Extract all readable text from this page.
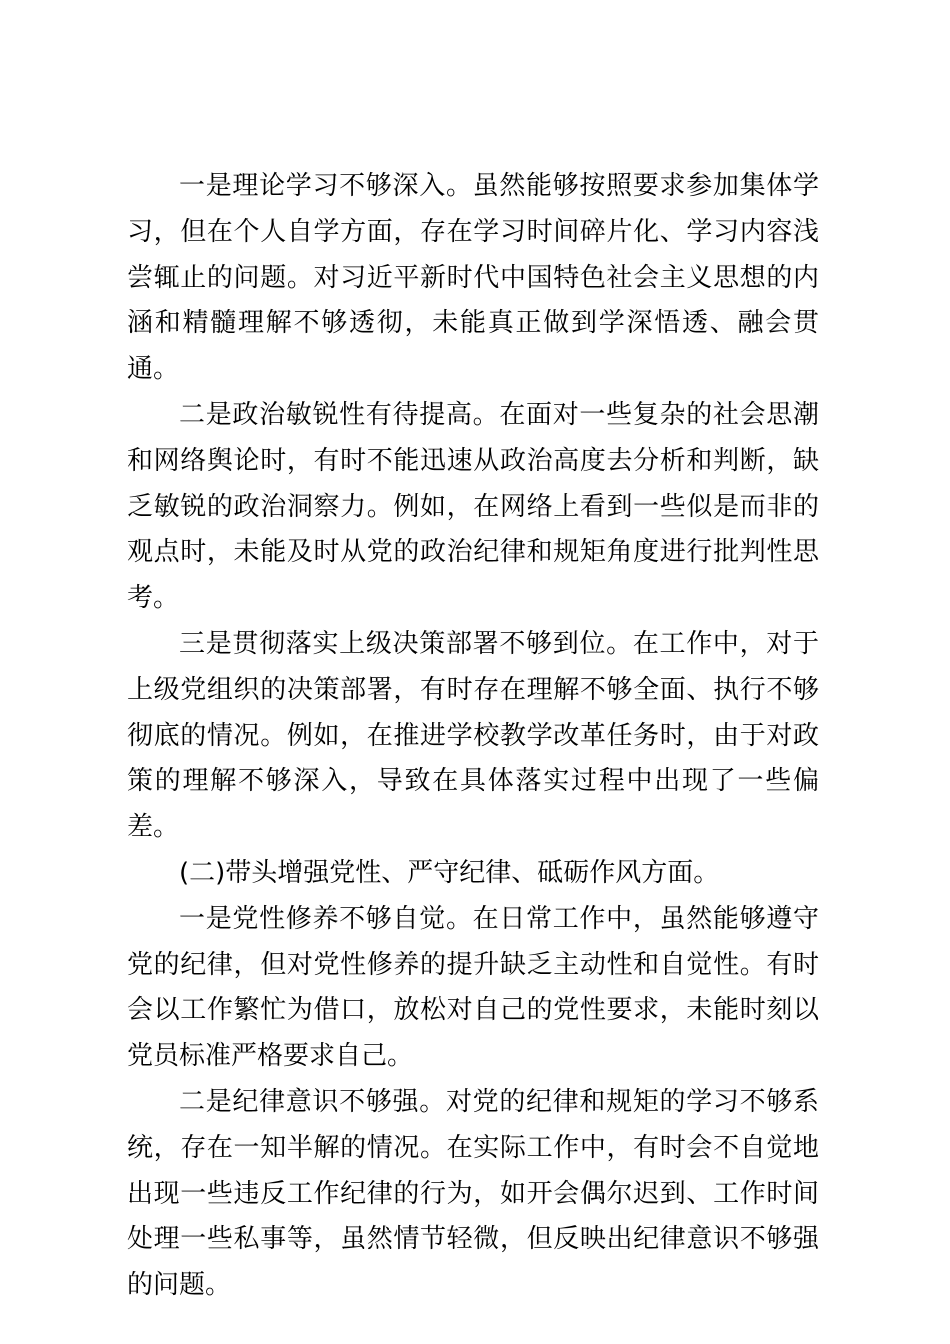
一是理论学习不够深入。虽然能够按照要求参加集体学习，但在个人自学方面，存在学习时间碎片化、学习内容浅尝辄止的问题。对习近平新时代中国特色社会主义思想的内涵和精髓理解不够透彻，未能真正做到学深悟透、融会贯通。

二是政治敏锐性有待提高。在面对一些复杂的社会思潮和网络舆论时，有时不能迅速从政治高度去分析和判断，缺乏敏锐的政治洞察力。例如，在网络上看到一些似是而非的观点时，未能及时从党的政治纪律和规矩角度进行批判性思考。

三是贯彻落实上级决策部署不够到位。在工作中，对于上级党组织的决策部署，有时存在理解不够全面、执行不够彻底的情况。例如，在推进学校教学改革任务时，由于对政策的理解不够深入，导致在具体落实过程中出现了一些偏差。

(二)带头增强党性、严守纪律、砥砺作风方面。

一是党性修养不够自觉。在日常工作中，虽然能够遵守党的纪律，但对党性修养的提升缺乏主动性和自觉性。有时会以工作繁忙为借口，放松对自己的党性要求，未能时刻以党员标准严格要求自己。

二是纪律意识不够强。对党的纪律和规矩的学习不够系统，存在一知半解的情况。在实际工作中，有时会不自觉地出现一些违反工作纪律的行为，如开会偶尔迟到、工作时间处理一些私事等，虽然情节轻微，但反映出纪律意识不够强的问题。
